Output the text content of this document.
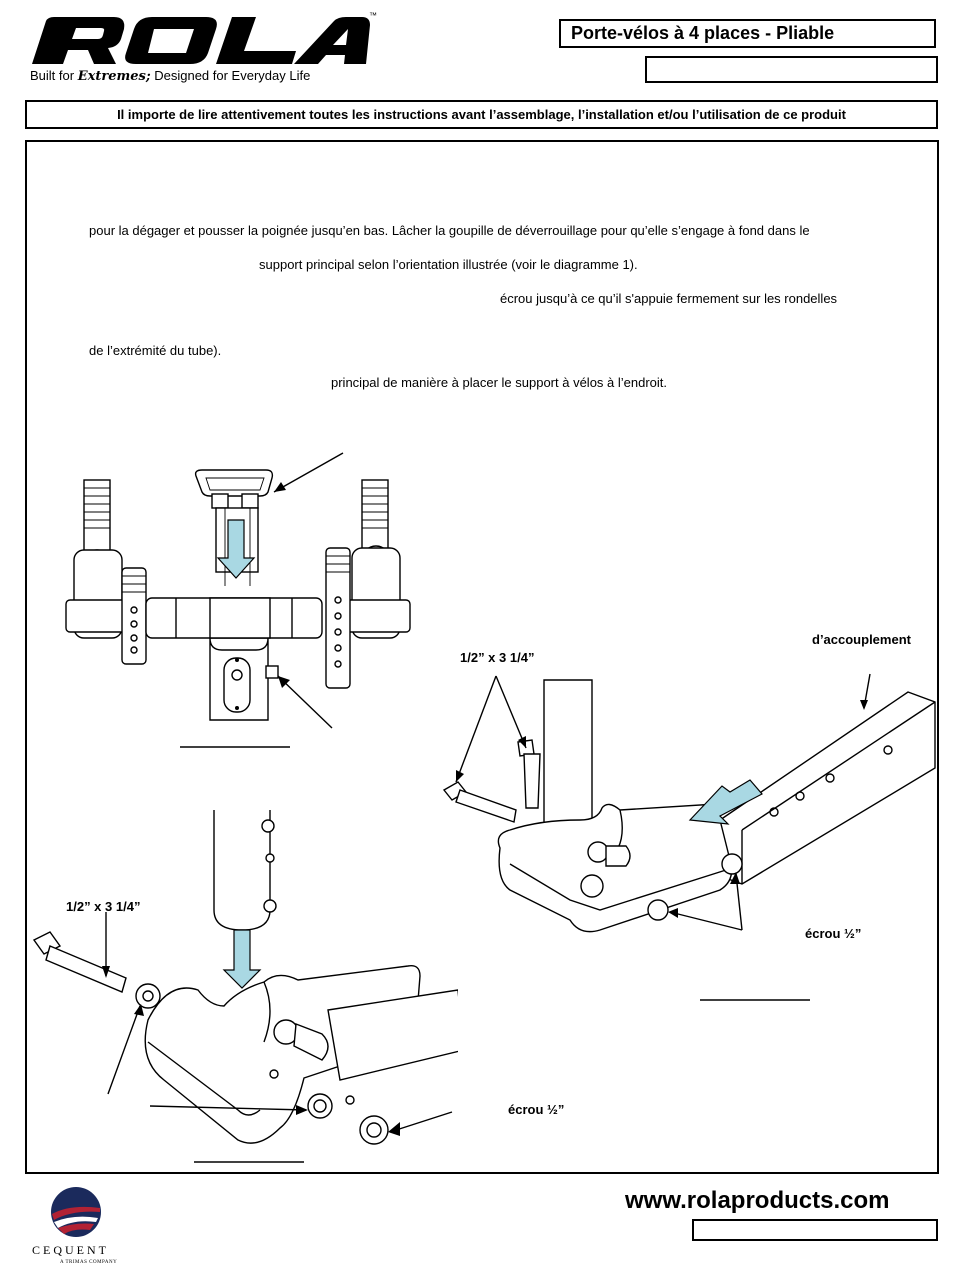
™
Built for Extremes; Designed for Everyday Life
Porte-vélos à 4 places - Pliable
Il importe de lire attentivement toutes les instructions avant l’assemblage, l’installation et/ou l’utilisation de ce produit
pour la dégager et pousser la poignée jusqu’en bas. Lâcher la goupille de déverrouillage pour qu’elle s’engage à fond dans le
support principal selon l’orientation illustrée (voir le diagramme 1).
écrou jusqu’à ce qu’il s'appuie fermement sur les rondelles
de l’extrémité du tube).
principal de manière à placer le support à vélos à l’endroit.
1/2” x 3 1/4”
d’accouplement
écrou ½”
1/2” x 3 1/4”
écrou ½”
CEQUENT
A TRIMAS COMPANY
www.rolaproducts.com
